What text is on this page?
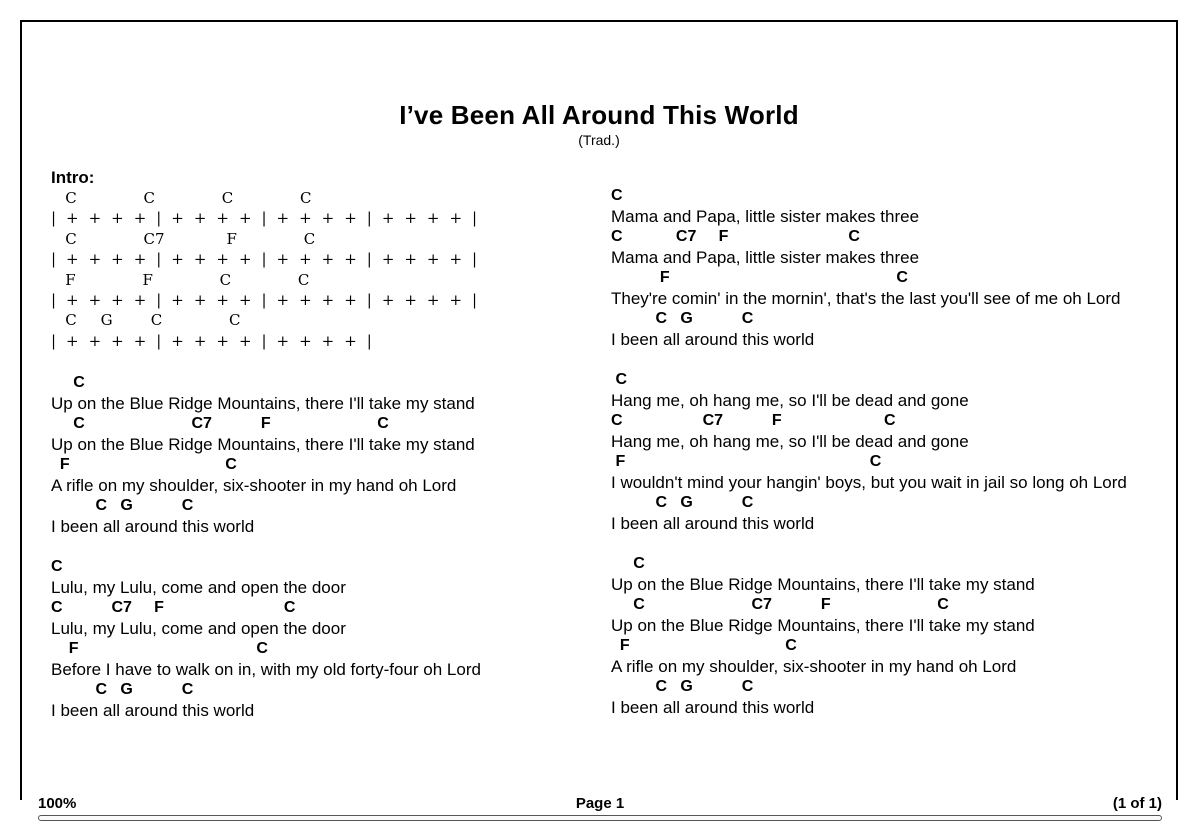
I’ve Been All Around This World
(Trad.)
Intro:
C              C              C              C
|  +  +  +  +  |  +  +  +  +  |  +  +  +  +  |  +  +  +  +  |
C              C7             F              C
|  +  +  +  +  |  +  +  +  +  |  +  +  +  +  |  +  +  +  +  |
F              F              C              C
|  +  +  +  +  |  +  +  +  +  |  +  +  +  +  |  +  +  +  +  |
C     G        C              C
|  +  +  +  +  |  +  +  +  +  |  +  +  +  +  |
C
Up on the Blue Ridge Mountains, there I'll take my stand
C                        C7           F                        C
Up on the Blue Ridge Mountains, there I'll take my stand
F                                   C
A rifle on my shoulder, six-shooter in my hand oh Lord
C   G           C
I been all around this world
C
Lulu, my Lulu, come and open the door
C           C7     F                           C
Lulu, my Lulu, come and open the door
F                                        C
Before I have to walk on in, with my old forty-four oh Lord
C   G           C
I been all around this world
C
Mama and Papa, little sister makes three
C            C7     F                           C
Mama and Papa, little sister makes three
F                                                   C
They're comin' in the mornin', that's the last you'll see of me oh Lord
C   G           C
I been all around this world
C
Hang me, oh hang me, so I'll be dead and gone
C                  C7           F                       C
Hang me, oh hang me, so I'll be dead and gone
F                                                       C
I wouldn't mind your hangin' boys, but you wait in jail so long oh Lord
C   G           C
I been all around this world
C
Up on the Blue Ridge Mountains, there I'll take my stand
C                        C7           F                        C
Up on the Blue Ridge Mountains, there I'll take my stand
F                                   C
A rifle on my shoulder, six-shooter in my hand oh Lord
C   G           C
I been all around this world
100%	Page 1	(1 of 1)
